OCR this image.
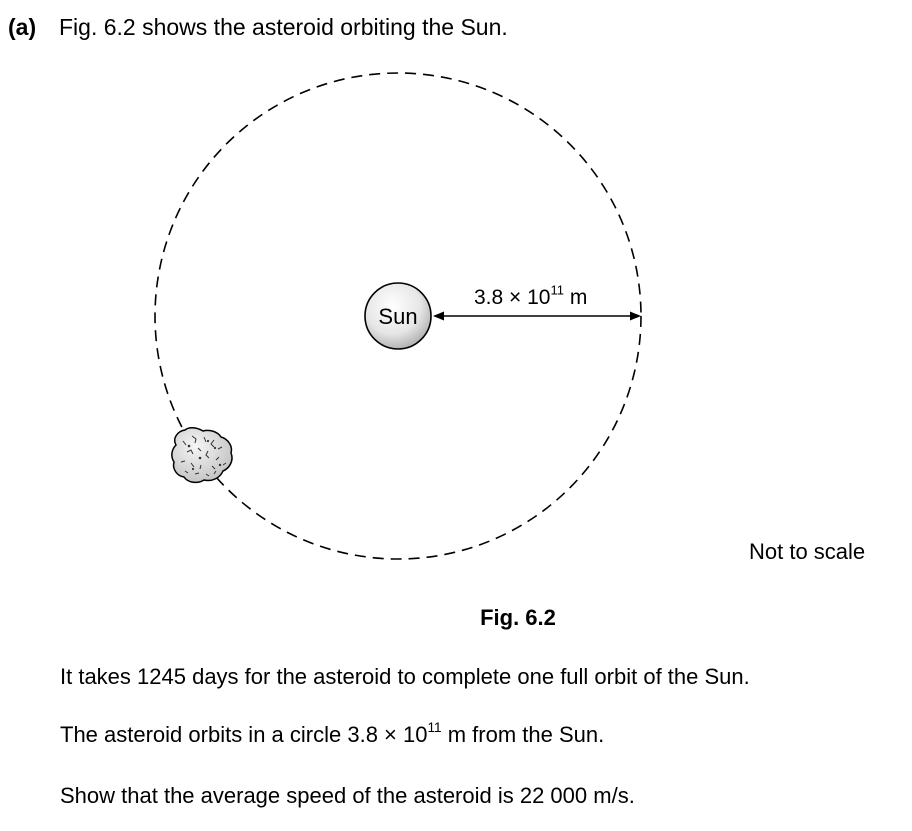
(a) Fig. 6.2 shows the asteroid orbiting the Sun.
Sun
$3.8 \times 10^{11}$ m
Not to scale
Fig. 6.2
It takes 1245 days for the asteroid to complete one full orbit of the Sun.
The asteroid orbits in a circle $3.8 \times 10^{11}$ m from the Sun.
Show that the average speed of the asteroid is 22 000 m/s.
